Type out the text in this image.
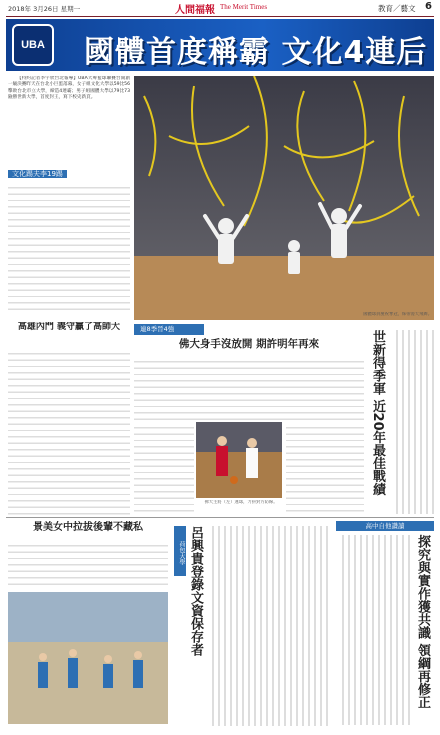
2018年 3月26日 星期一	人間福報 The Merit Times	教育／藝文 6
UBA 國體首度稱霸 文化4連后

【特約記者李宇欣台北報導】UBA大專籃球聯賽台開創一級決賽昨天在台北小巨蛋落幕，女子組文化大學以59比56擊敗台北市立大學，締造4連霸；男子組國體大學以79比73險勝世新大學，首度封王，寫下校史新頁。

文化踢夫李19踢
國體球員慶祝奪冠，綵帶漫天飛舞。
高雄內門 義守贏了高師大	連8季晉4強
佛大身手沒放開 期許明年再來
佛大主將（左）運球，力拚對方防線。
世新得季軍 近20年最佳戰績
景美女中拉拔後輩不藏私
荷包大學 呂興貴登錄文資保存者	高中自他讚讀
探究與實作獲共識 領綱再修正
